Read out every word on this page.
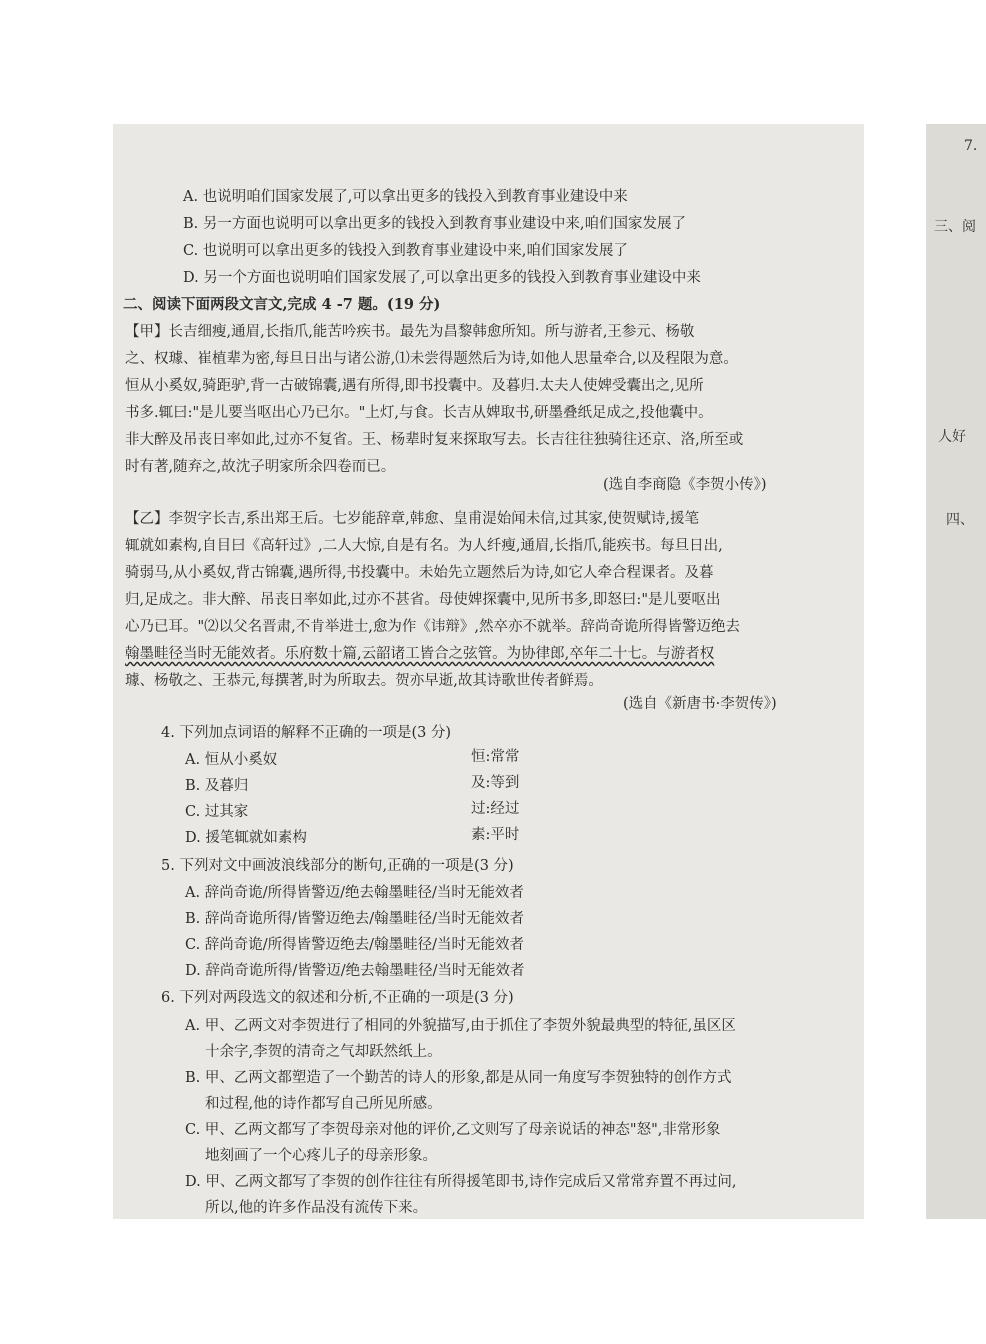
7.
三、阅
人好
四、
A. 也说明咱们国家发展了,可以拿出更多的钱投入到教育事业建设中来
B. 另一方面也说明可以拿出更多的钱投入到教育事业建设中来,咱们国家发展了
C. 也说明可以拿出更多的钱投入到教育事业建设中来,咱们国家发展了
D. 另一个方面也说明咱们国家发展了,可以拿出更多的钱投入到教育事业建设中来
二、阅读下面两段文言文,完成 4 -7 题。(19 分)
【甲】长吉细瘦,通眉,长指爪,能苦吟疾书。最先为昌黎韩愈所知。所与游者,王参元、杨敬
之、权璩、崔植辈为密,每旦日出与诸公游,⑴未尝得题然后为诗,如他人思量牵合,以及程限为意。
恒从小奚奴,骑距驴,背一古破锦囊,遇有所得,即书投囊中。及暮归.太夫人使婢受囊出之,见所
书多.辄曰:"是儿要当呕出心乃已尔。"上灯,与食。长吉从婢取书,研墨叠纸足成之,投他囊中。
非大醉及吊丧日率如此,过亦不复省。王、杨辈时复来探取写去。长吉往往独骑往还京、洛,所至或
时有著,随弃之,故沈子明家所余四卷而已。
(选自李商隐《李贺小传》)
【乙】李贺字长吉,系出郑王后。七岁能辞章,韩愈、皇甫湜始闻未信,过其家,使贺赋诗,援笔
辄就如素构,自目曰《高轩过》,二人大惊,自是有名。为人纤瘦,通眉,长指爪,能疾书。每旦日出,
骑弱马,从小奚奴,背古锦囊,遇所得,书投囊中。未始先立题然后为诗,如它人牵合程课者。及暮
归,足成之。非大醉、吊丧日率如此,过亦不甚省。母使婢探囊中,见所书多,即怒曰:"是儿要呕出
心乃已耳。"⑵以父名晋肃,不肯举进士,愈为作《讳辩》,然卒亦不就举。辞尚奇诡所得皆警迈绝去
翰墨畦径当时无能效者。乐府数十篇,云韶诸工皆合之弦管。为协律郎,卒年二十七。与游者权
璩、杨敬之、王恭元,每撰著,时为所取去。贺亦早逝,故其诗歌世传者鲜焉。
(选自《新唐书·李贺传》)
4. 下列加点词语的解释不正确的一项是(3 分)
A. 恒从小奚奴	恒:常常
B. 及暮归	及:等到
C. 过其家	过:经过
D. 援笔辄就如素构	素:平时
5. 下列对文中画波浪线部分的断句,正确的一项是(3 分)
A. 辞尚奇诡/所得皆警迈/绝去翰墨畦径/当时无能效者
B. 辞尚奇诡所得/皆警迈绝去/翰墨畦径/当时无能效者
C. 辞尚奇诡/所得皆警迈绝去/翰墨畦径/当时无能效者
D. 辞尚奇诡所得/皆警迈/绝去翰墨畦径/当时无能效者
6. 下列对两段选文的叙述和分析,不正确的一项是(3 分)
A. 甲、乙两文对李贺进行了相同的外貌描写,由于抓住了李贺外貌最典型的特征,虽区区
十余字,李贺的清奇之气却跃然纸上。
B. 甲、乙两文都塑造了一个勤苦的诗人的形象,都是从同一角度写李贺独特的创作方式
和过程,他的诗作都写自己所见所感。
C. 甲、乙两文都写了李贺母亲对他的评价,乙文则写了母亲说话的神态"怒",非常形象
地刻画了一个心疼儿子的母亲形象。
D. 甲、乙两文都写了李贺的创作往往有所得援笔即书,诗作完成后又常常弃置不再过问,
所以,他的许多作品没有流传下来。
